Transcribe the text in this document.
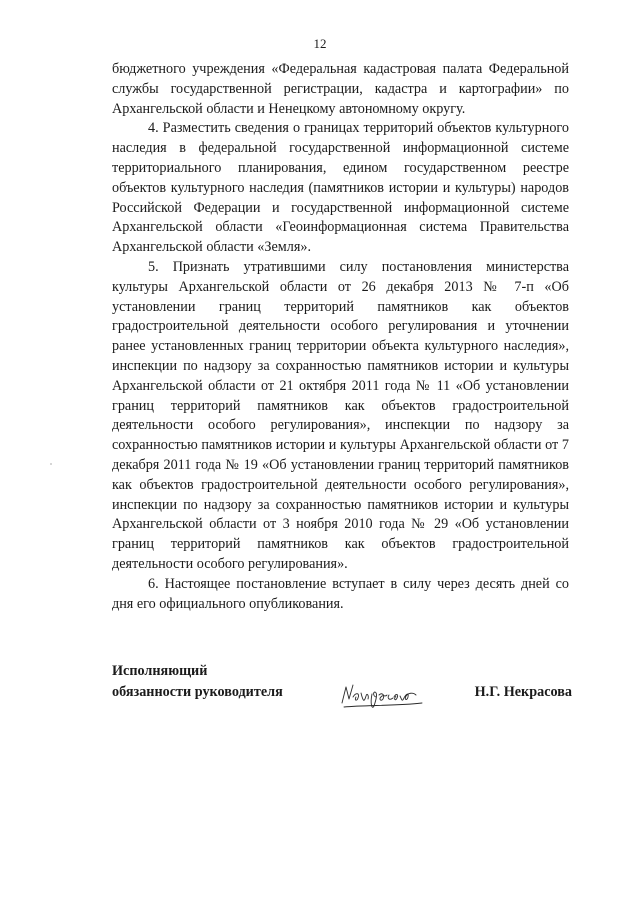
12

бюджетного учреждения «Федеральная кадастровая палата Федеральной службы государственной регистрации, кадастра и картографии» по Архангельской области и Ненецкому автономному округу.

4. Разместить сведения о границах территорий объектов культурного наследия в федеральной государственной информационной системе территориального планирования, едином государственном реестре объектов культурного наследия (памятников истории и культуры) народов Российской Федерации и государственной информационной системе Архангельской области «Геоинформационная система Правительства Архангельской области «Земля».

5. Признать утратившими силу постановления министерства культуры Архангельской области от 26 декабря 2013 № 7-п «Об установлении границ территорий памятников как объектов градостроительной деятельности особого регулирования и уточнении ранее установленных границ территории объекта культурного наследия», инспекции по надзору за сохранностью памятников истории и культуры Архангельской области от 21 октября 2011 года № 11 «Об установлении границ территорий памятников как объектов градостроительной деятельности особого регулирования», инспекции по надзору за сохранностью памятников истории и культуры Архангельской области от 7 декабря 2011 года № 19 «Об установлении границ территорий памятников как объектов градостроительной деятельности особого регулирования», инспекции по надзору за сохранностью памятников истории и культуры Архангельской области от 3 ноября 2010 года № 29 «Об установлении границ территорий памятников как объектов градостроительной деятельности особого регулирования».

6. Настоящее постановление вступает в силу через десять дней со дня его официального опубликования.

Исполняющий
обязанности руководителя	Н.Г. Некрасова
